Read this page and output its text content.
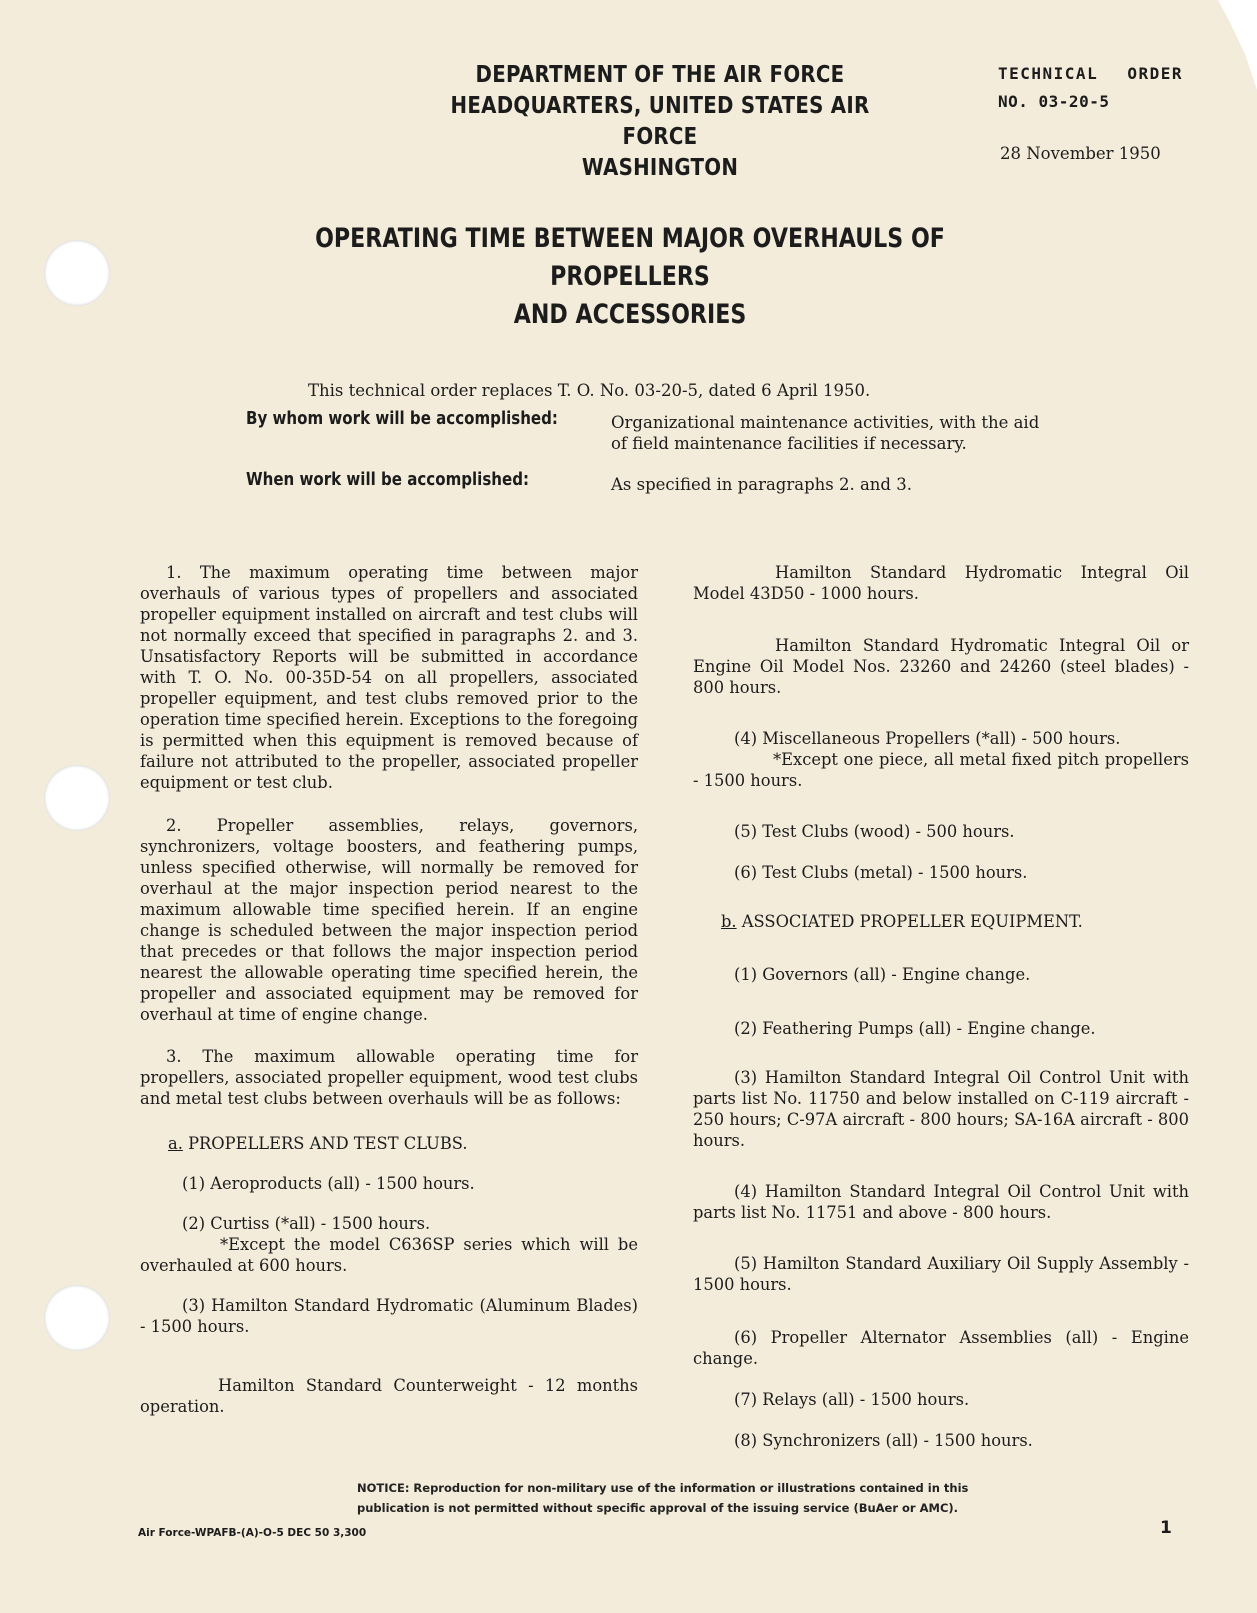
DEPARTMENT OF THE AIR FORCE
HEADQUARTERS, UNITED STATES AIR FORCE
WASHINGTON
TECHNICAL ORDER
NO. 03-20-5
28 November 1950
OPERATING TIME BETWEEN MAJOR OVERHAULS OF PROPELLERS
AND ACCESSORIES
This technical order replaces T. O. No. 03-20-5, dated 6 April 1950.
By whom work will be accomplished:	Organizational maintenance activities, with the aid
of field maintenance facilities if necessary.
When work will be accomplished:	As specified in paragraphs 2. and 3.

1. The maximum operating time between major overhauls of various types of propellers and associated propeller equipment installed on aircraft and test clubs will not normally exceed that specified in paragraphs 2. and 3. Unsatisfactory Reports will be submitted in accordance with T. O. No. 00-35D-54 on all propellers, associated propeller equipment, and test clubs removed prior to the operation time specified herein. Exceptions to the foregoing is permitted when this equipment is removed because of failure not attributed to the propeller, associated propeller equipment or test club.

2. Propeller assemblies, relays, governors, synchronizers, voltage boosters, and feathering pumps, unless specified otherwise, will normally be removed for overhaul at the major inspection period nearest to the maximum allowable time specified herein. If an engine change is scheduled between the major inspection period that precedes or that follows the major inspection period nearest the allowable operating time specified herein, the propeller and associated equipment may be removed for overhaul at time of engine change.

3. The maximum allowable operating time for propellers, associated propeller equipment, wood test clubs and metal test clubs between overhauls will be as follows:

a. PROPELLERS AND TEST CLUBS.

(1) Aeroproducts (all) - 1500 hours.

(2) Curtiss (*all) - 1500 hours.

*Except the model C636SP series which will be overhauled at 600 hours.

(3) Hamilton Standard Hydromatic (Aluminum Blades) - 1500 hours.

Hamilton Standard Counterweight - 12 months operation.

Hamilton Standard Hydromatic Integral Oil Model 43D50 - 1000 hours.

Hamilton Standard Hydromatic Integral Oil or Engine Oil Model Nos. 23260 and 24260 (steel blades) - 800 hours.

(4) Miscellaneous Propellers (*all) - 500 hours.

*Except one piece, all metal fixed pitch propellers - 1500 hours.

(5) Test Clubs (wood) - 500 hours.

(6) Test Clubs (metal) - 1500 hours.

b. ASSOCIATED PROPELLER EQUIPMENT.

(1) Governors (all) - Engine change.

(2) Feathering Pumps (all) - Engine change.

(3) Hamilton Standard Integral Oil Control Unit with parts list No. 11750 and below installed on C-119 aircraft - 250 hours; C-97A aircraft - 800 hours; SA-16A aircraft - 800 hours.

(4) Hamilton Standard Integral Oil Control Unit with parts list No. 11751 and above - 800 hours.

(5) Hamilton Standard Auxiliary Oil Supply Assembly - 1500 hours.

(6) Propeller Alternator Assemblies (all) - Engine change.

(7) Relays (all) - 1500 hours.

(8) Synchronizers (all) - 1500 hours.

NOTICE: Reproduction for non-military use of the information or illustrations contained in this
publication is not permitted without specific approval of the issuing service (BuAer or AMC).
Air Force-WPAFB-(A)-O-5 DEC 50 3,300	1
